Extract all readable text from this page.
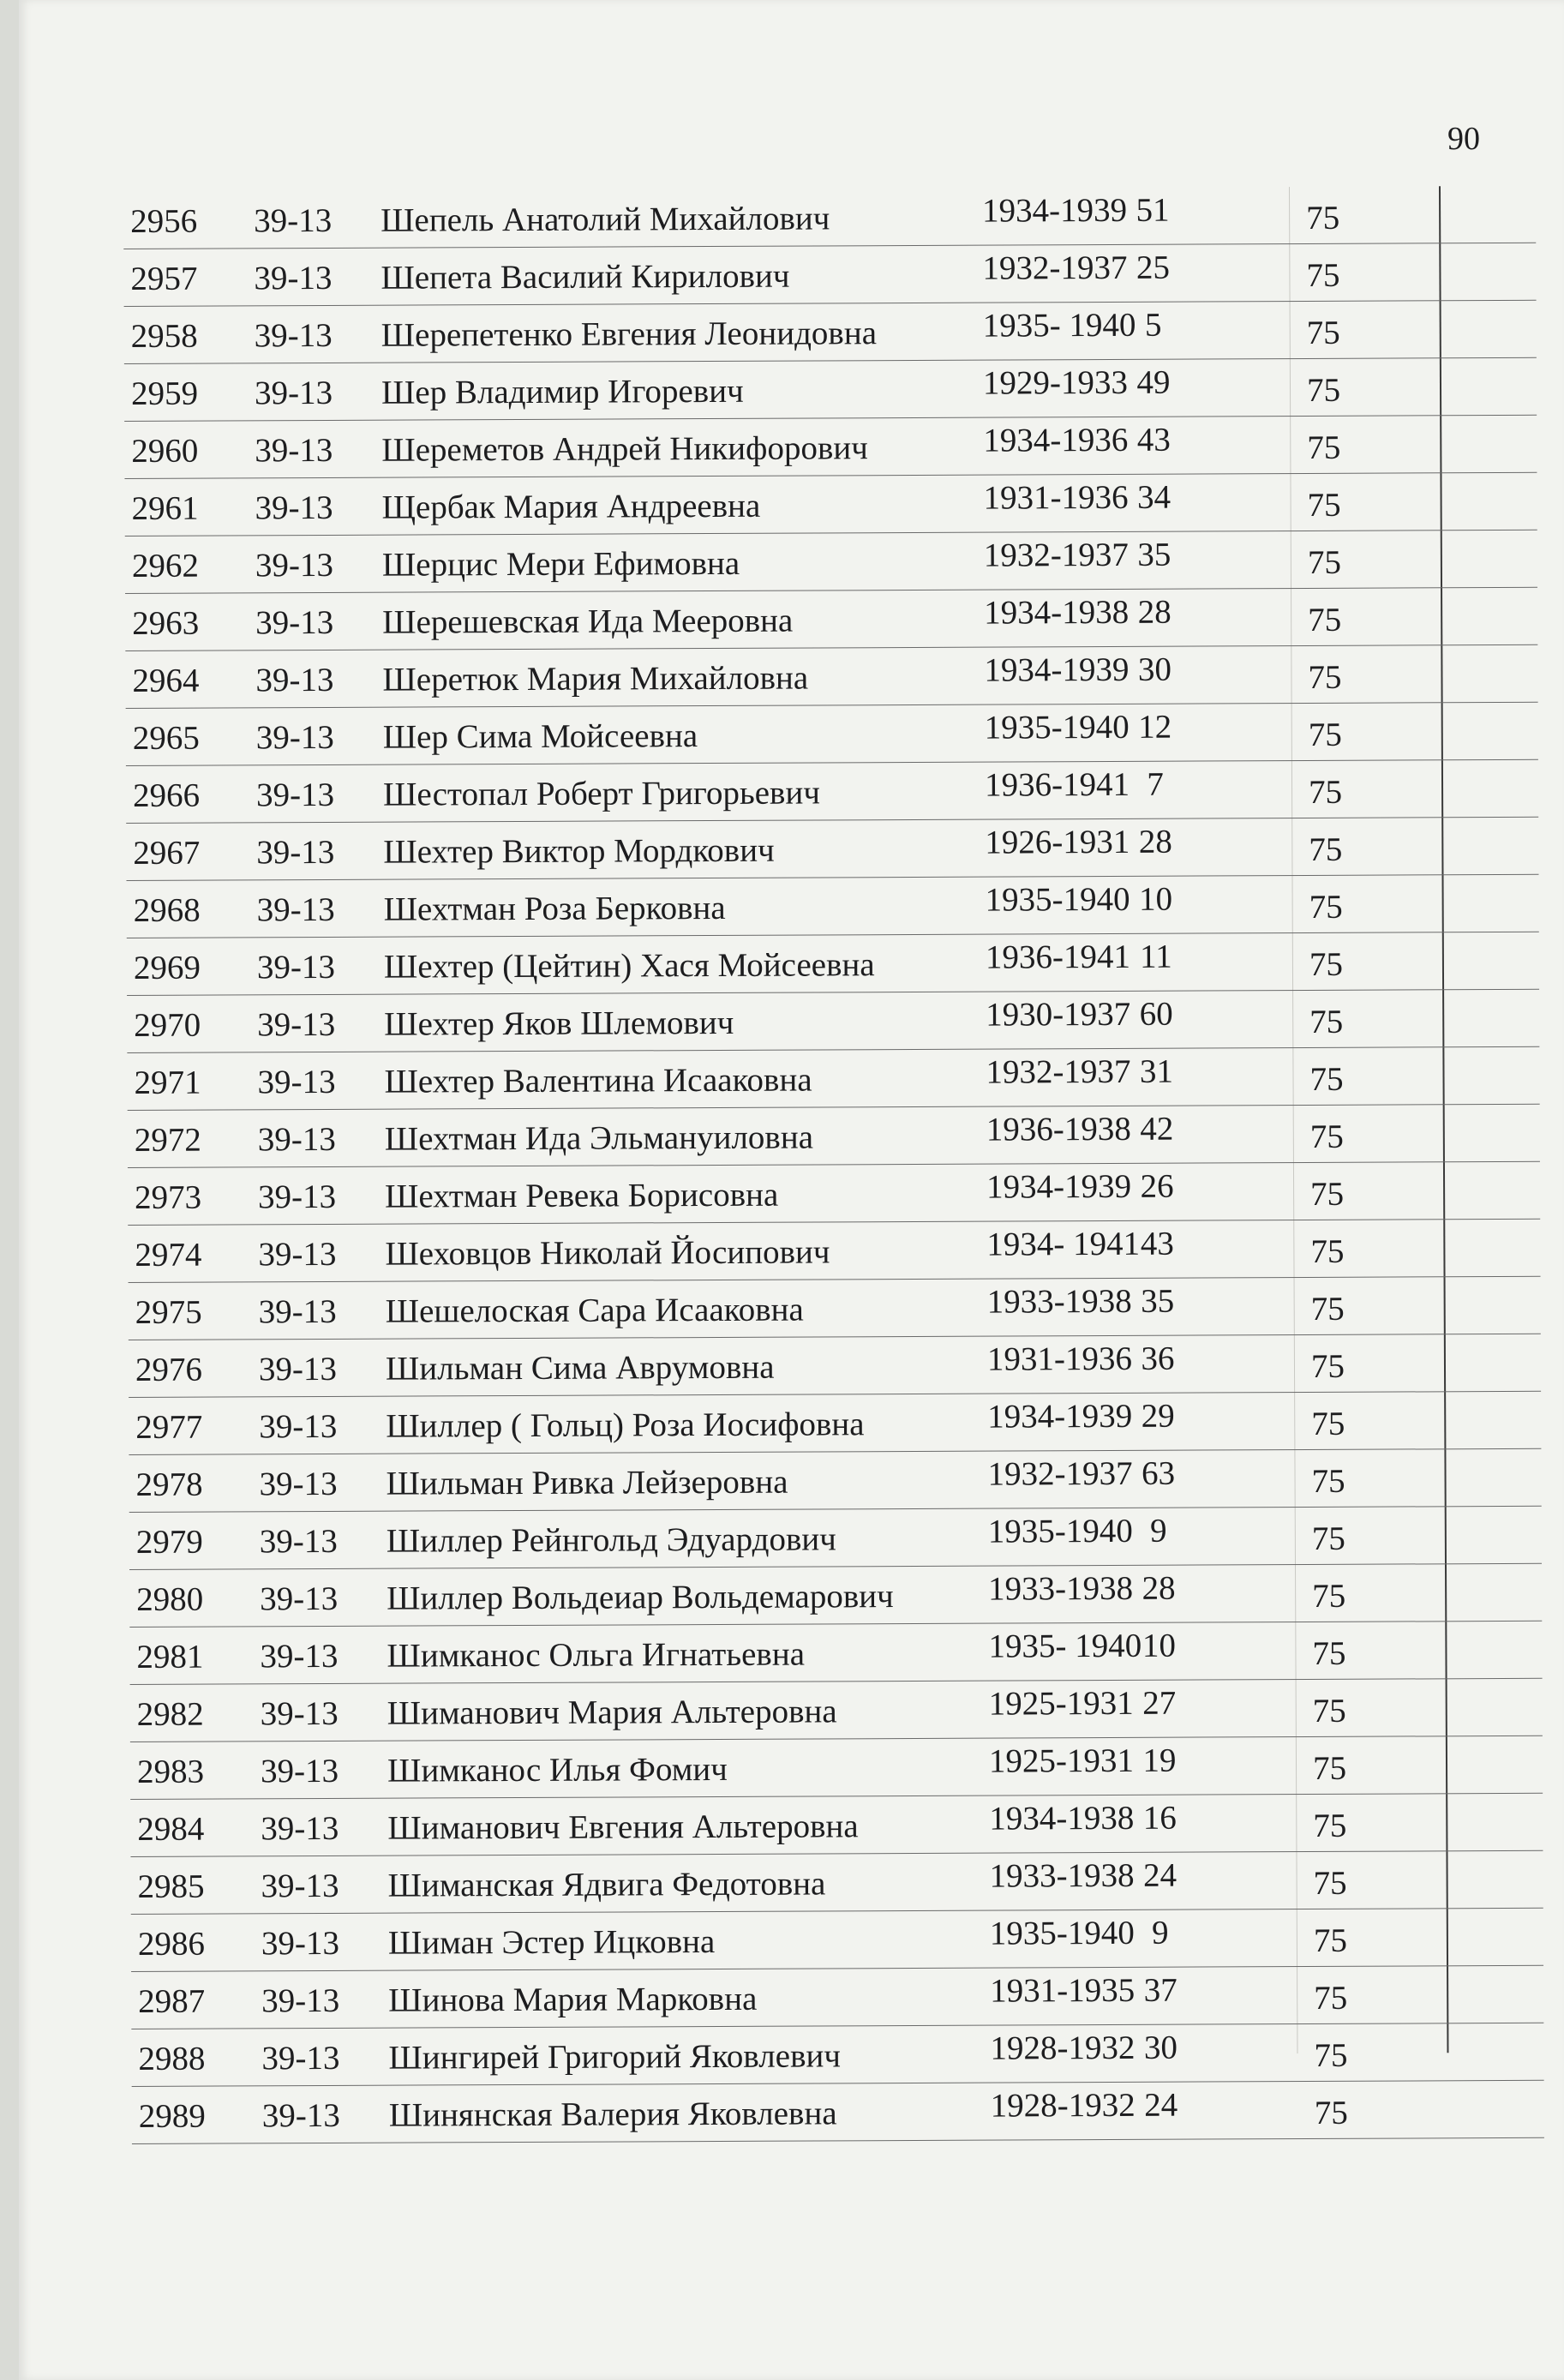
90
2956 39-13 Шепель Анатолий Михайлович	1934-1939 51	75
2957 39-13 Шепета Василий Кирилович	1932-1937 25	75
2958 39-13 Шерепетенко Евгения Леонидовна	1935- 1940 5	75
2959 39-13 Шер Владимир Игоревич	1929-1933 49	75
2960 39-13 Шереметов Андрей Никифорович	1934-1936 43	75
2961 39-13 Щербак Мария Андреевна	1931-1936 34	75
2962 39-13 Шерцис Мери Ефимовна	1932-1937 35	75
2963 39-13 Шерешевская Ида Мееровна	1934-1938 28	75
2964 39-13 Шеретюк Мария Михайловна	1934-1939 30	75
2965 39-13 Шер Сима Мойсеевна	1935-1940 12	75
2966 39-13 Шестопал Роберт Григорьевич	1936-1941 7	75
2967 39-13 Шехтер Виктор Мордкович	1926-1931 28	75
2968 39-13 Шехтман Роза Берковна	1935-1940 10	75
2969 39-13 Шехтер (Цейтин) Хася Мойсеевна	1936-1941 11	75
2970 39-13 Шехтер Яков Шлемович	1930-1937 60	75
2971 39-13 Шехтер Валентина Исааковна	1932-1937 31	75
2972 39-13 Шехтман Ида Эльмануиловна	1936-1938 42	75
2973 39-13 Шехтман Ревека Борисовна	1934-1939 26	75
2974 39-13 Шеховцов Николай Йосипович	1934- 1941 43	75
2975 39-13 Шешелоская Сара Исааковна	1933-1938 35	75
2976 39-13 Шильман Сима Аврумовна	1931-1936 36	75
2977 39-13 Шиллер ( Гольц) Роза Иосифовна	1934-1939 29	75
2978 39-13 Шильман Ривка Лейзеровна	1932-1937 63	75
2979 39-13 Шиллер Рейнгольд Эдуардович	1935-1940 9	75
2980 39-13 Шиллер Вольдеиар Вольдемарович	1933-1938 28	75
2981 39-13 Шимканос Ольга Игнатьевна	1935- 1940 10	75
2982 39-13 Шиманович Мария Альтеровна	1925-1931 27	75
2983 39-13 Шимканос Илья Фомич	1925-1931 19	75
2984 39-13 Шиманович Евгения Альтеровна	1934-1938 16	75
2985 39-13 Шиманская Ядвига Федотовна	1933-1938 24	75
2986 39-13 Шиман Эстер Ицковна	1935-1940 9	75
2987 39-13 Шинова Мария Марковна	1931-1935 37	75
2988 39-13 Шингирей Григорий Яковлевич	1928-1932 30	75
2989 39-13 Шинянская Валерия Яковлевна	1928-1932 24	75
